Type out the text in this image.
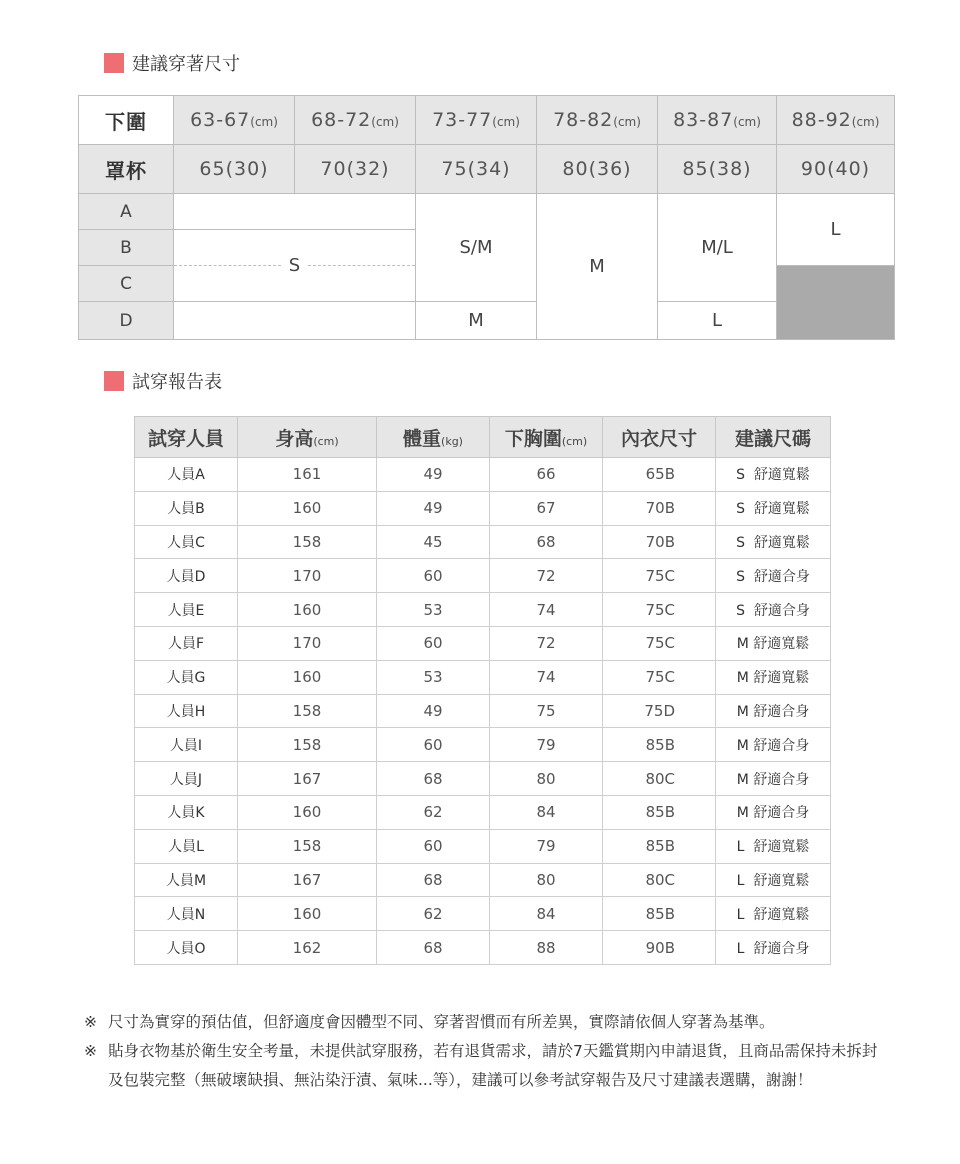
建議穿著尺寸
下圍	63-67(cm)	68-72(cm)	73-77(cm)	78-82(cm)	83-87(cm)	88-92(cm)
罩杯	65(30)	70(32)	75(34)	80(36)	85(38)	90(40)
A			S/M	M	M/L	L
B	S					

C						
D			M		L	
試穿報告表
試穿人員	身高(cm)	體重(kg)	下胸圍(cm)	內衣尺寸	建議尺碼
人員A	161	49	66	65B	S  舒適寬鬆
人員B	160	49	67	70B	S  舒適寬鬆
人員C	158	45	68	70B	S  舒適寬鬆
人員D	170	60	72	75C	S  舒適合身
人員E	160	53	74	75C	S  舒適合身
人員F	170	60	72	75C	M 舒適寬鬆
人員G	160	53	74	75C	M 舒適寬鬆
人員H	158	49	75	75D	M 舒適合身
人員I	158	60	79	85B	M 舒適合身
人員J	167	68	80	80C	M 舒適合身
人員K	160	62	84	85B	M 舒適合身
人員L	158	60	79	85B	L  舒適寬鬆
人員M	167	68	80	80C	L  舒適寬鬆
人員N	160	62	84	85B	L  舒適寬鬆
人員O	162	68	88	90B	L  舒適合身
※ 尺寸為實穿的預估值，但舒適度會因體型不同、穿著習慣而有所差異，實際請依個人穿著為基準。
※ 貼身衣物基於衛生安全考量，未提供試穿服務，若有退貨需求，請於7天鑑賞期內申請退貨，且商品需保持未拆封及包裝完整（無破壞缺損、無沾染汙漬、氣味...等），建議可以參考試穿報告及尺寸建議表選購，謝謝！
